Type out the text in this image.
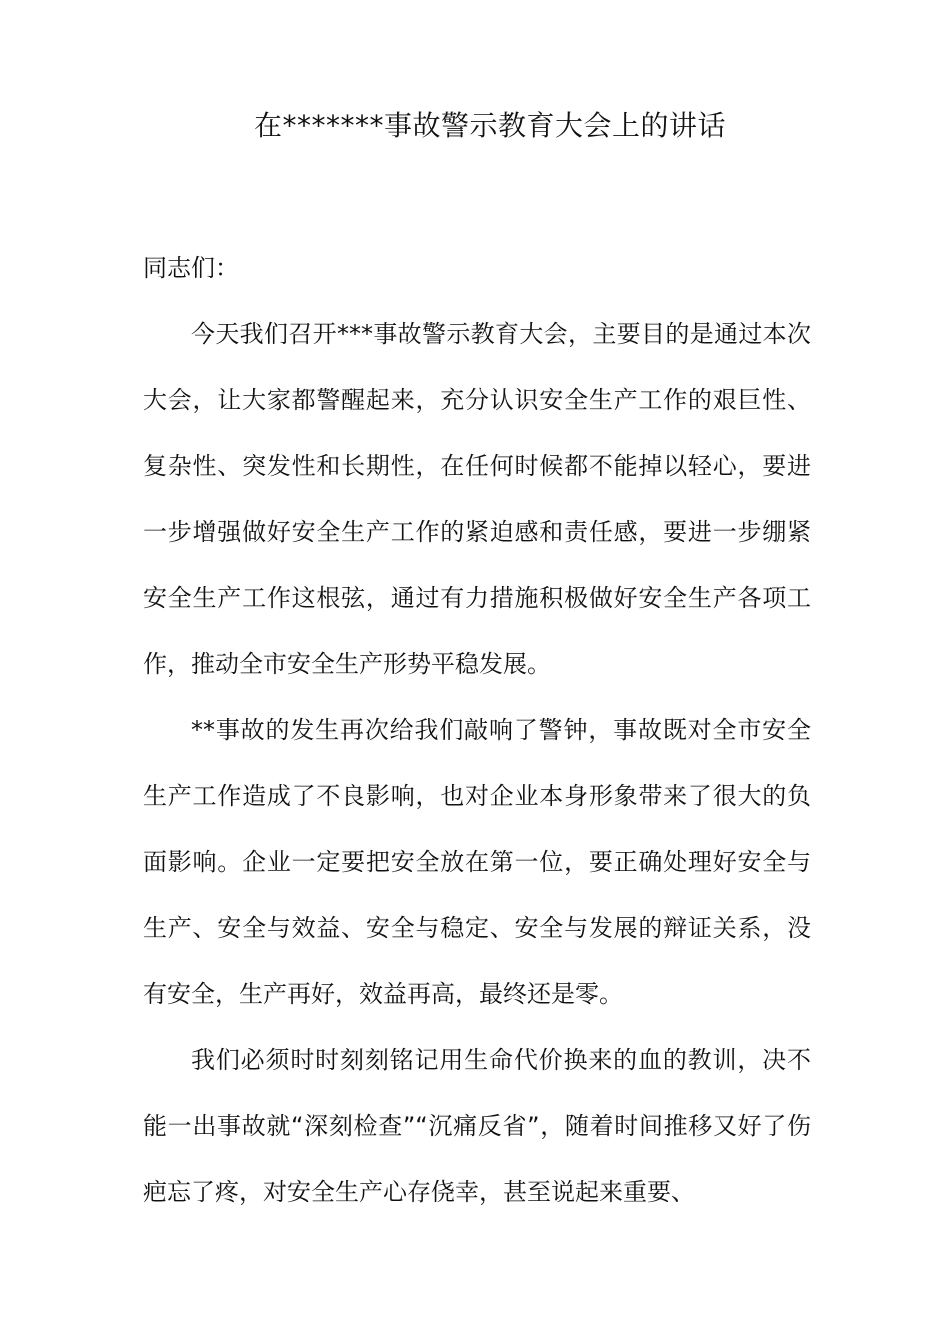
在*******事故警示教育大会上的讲话

同志们：

今天我们召开***事故警示教育大会，主要目的是通过本次大会，让大家都警醒起来，充分认识安全生产工作的艰巨性、复杂性、突发性和长期性，在任何时候都不能掉以轻心，要进一步增强做好安全生产工作的紧迫感和责任感，要进一步绷紧安全生产工作这根弦，通过有力措施积极做好安全生产各项工作，推动全市安全生产形势平稳发展。

**事故的发生再次给我们敲响了警钟，事故既对全市安全生产工作造成了不良影响，也对企业本身形象带来了很大的负面影响。企业一定要把安全放在第一位，要正确处理好安全与生产、安全与效益、安全与稳定、安全与发展的辩证关系，没有安全，生产再好，效益再高，最终还是零。

我们必须时时刻刻铭记用生命代价换来的血的教训，决不能一出事故就“深刻检查”“沉痛反省”，随着时间推移又好了伤疤忘了疼，对安全生产心存侥幸，甚至说起来重要、
